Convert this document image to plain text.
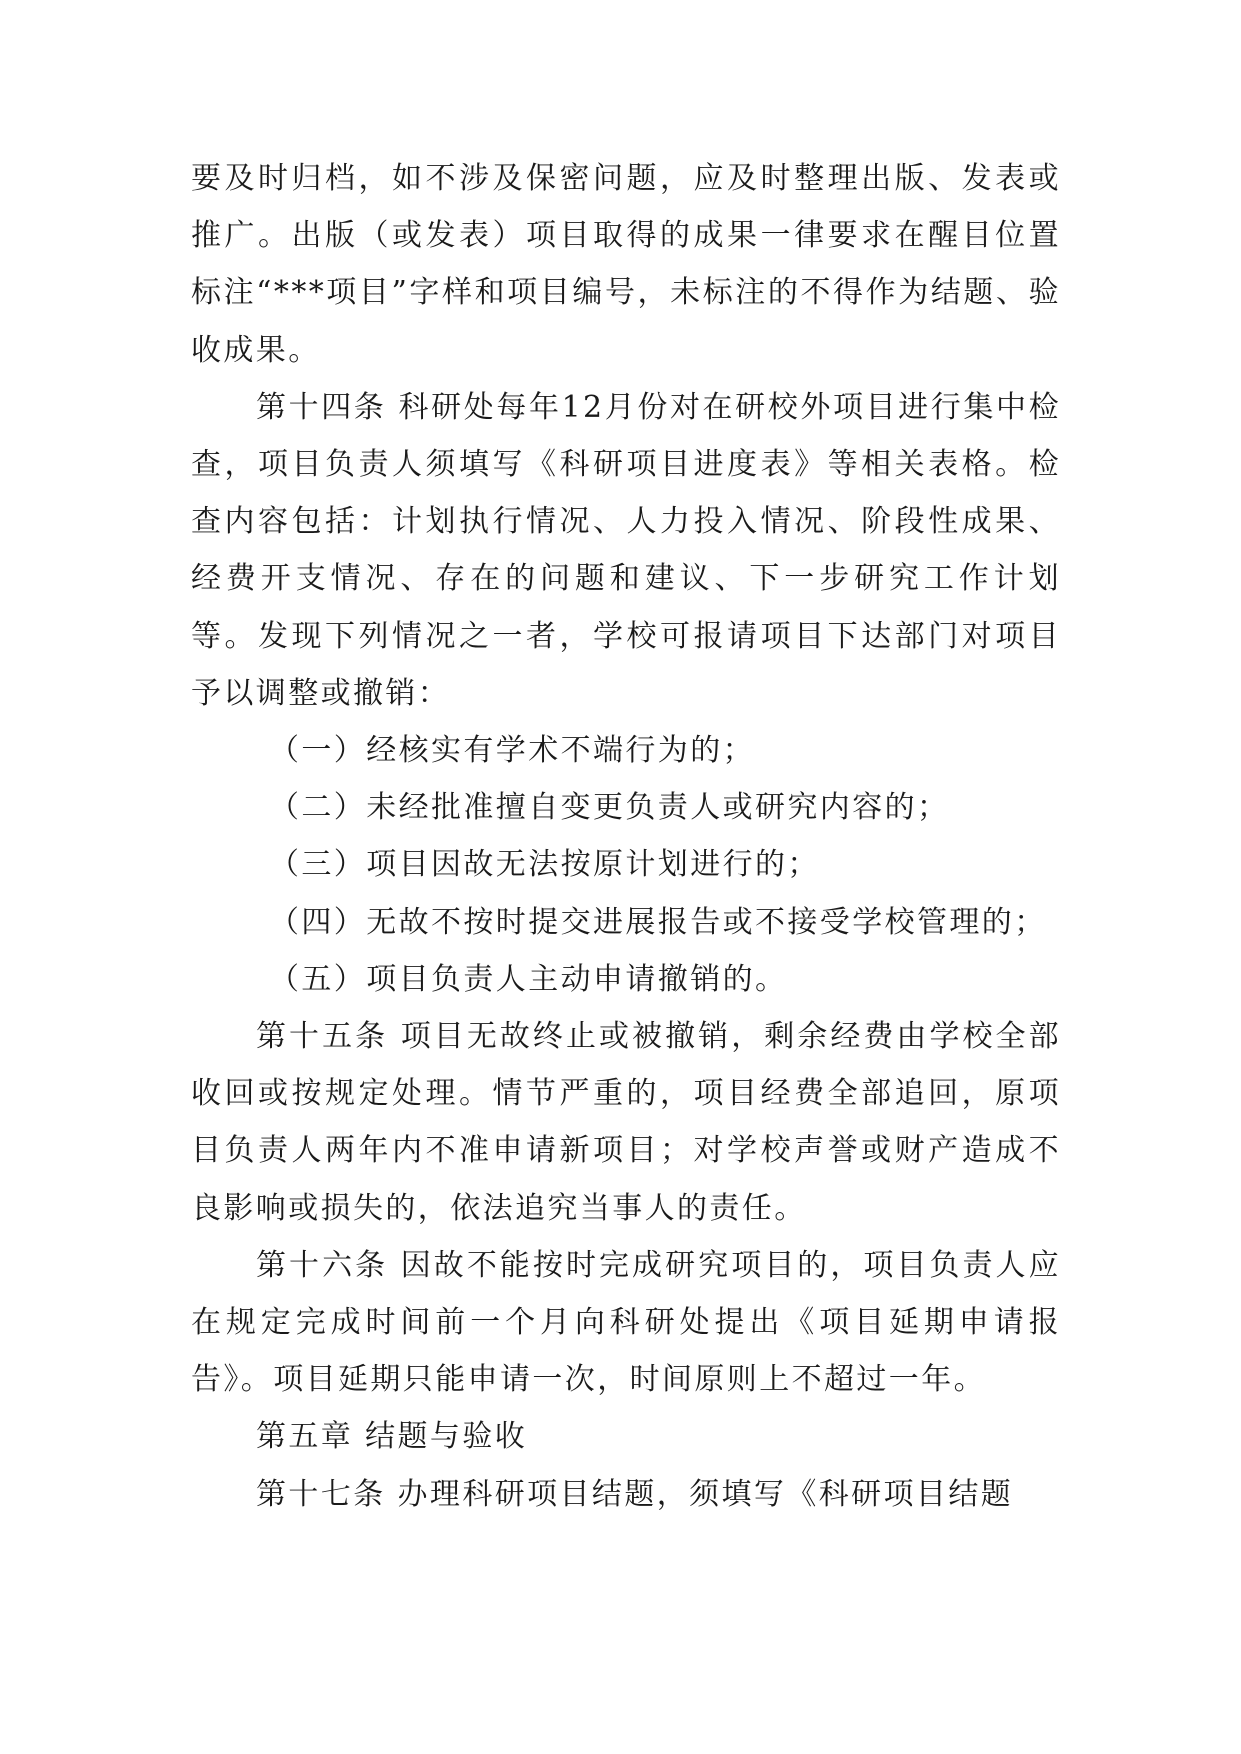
要及时归档，如不涉及保密问题，应及时整理出版、发表或推广。出版（或发表）项目取得的成果一律要求在醒目位置标注“***项目”字样和项目编号，未标注的不得作为结题、验收成果。

第十四条 科研处每年12月份对在研校外项目进行集中检查，项目负责人须填写《科研项目进度表》等相关表格。检查内容包括：计划执行情况、人力投入情况、阶段性成果、经费开支情况、存在的问题和建议、下一步研究工作计划等。发现下列情况之一者，学校可报请项目下达部门对项目予以调整或撤销：

（一）经核实有学术不端行为的；

（二）未经批准擅自变更负责人或研究内容的；

（三）项目因故无法按原计划进行的；

（四）无故不按时提交进展报告或不接受学校管理的；

（五）项目负责人主动申请撤销的。

第十五条 项目无故终止或被撤销，剩余经费由学校全部收回或按规定处理。情节严重的，项目经费全部追回，原项目负责人两年内不准申请新项目；对学校声誉或财产造成不良影响或损失的，依法追究当事人的责任。

第十六条 因故不能按时完成研究项目的，项目负责人应在规定完成时间前一个月向科研处提出《项目延期申请报告》。项目延期只能申请一次，时间原则上不超过一年。

第五章 结题与验收

第十七条 办理科研项目结题，须填写《科研项目结题
